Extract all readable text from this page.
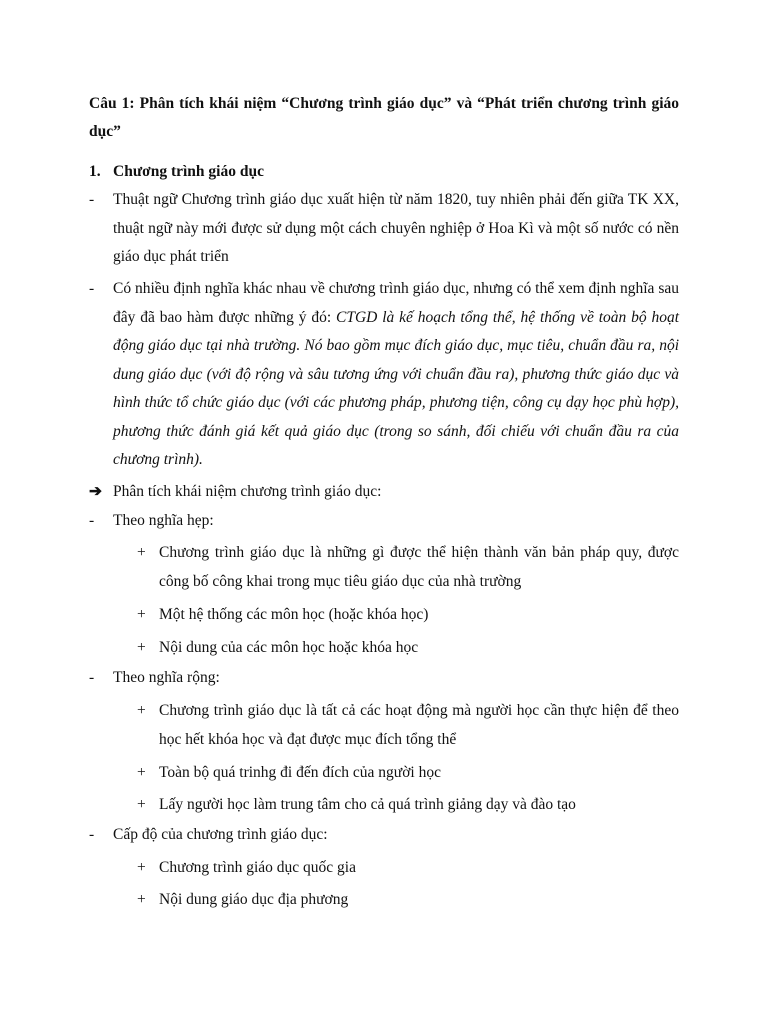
Câu 1: Phân tích khái niệm “Chương trình giáo dục” và “Phát triển chương trình giáo dục”
1. Chương trình giáo dục
- Thuật ngữ Chương trình giáo dục xuất hiện từ năm 1820, tuy nhiên phải đến giữa TK XX, thuật ngữ này mới được sử dụng một cách chuyên nghiệp ở Hoa Kì và một số nước có nền giáo dục phát triển
- Có nhiều định nghĩa khác nhau về chương trình giáo dục, nhưng có thể xem định nghĩa sau đây đã bao hàm được những ý đó: CTGD là kế hoạch tổng thể, hệ thống về toàn bộ hoạt động giáo dục tại nhà trường. Nó bao gồm mục đích giáo dục, mục tiêu, chuẩn đầu ra, nội dung giáo dục (với độ rộng và sâu tương ứng với chuẩn đầu ra), phương thức giáo dục và hình thức tổ chức giáo dục (với các phương pháp, phương tiện, công cụ dạy học phù hợp), phương thức đánh giá kết quả giáo dục (trong so sánh, đối chiếu với chuẩn đầu ra của chương trình).
➔ Phân tích khái niệm chương trình giáo dục:
- Theo nghĩa hẹp:
+ Chương trình giáo dục là những gì được thể hiện thành văn bản pháp quy, được công bố công khai trong mục tiêu giáo dục của nhà trường
+ Một hệ thống các môn học (hoặc khóa học)
+ Nội dung của các môn học hoặc khóa học
- Theo nghĩa rộng:
+ Chương trình giáo dục là tất cả các hoạt động mà người học cần thực hiện để theo học hết khóa học và đạt được mục đích tổng thể
+ Toàn bộ quá trinhg đi đến đích của người học
+ Lấy người học làm trung tâm cho cả quá trình giảng dạy và đào tạo
- Cấp độ của chương trình giáo dục:
+ Chương trình giáo dục quốc gia
+ Nội dung giáo dục địa phương
